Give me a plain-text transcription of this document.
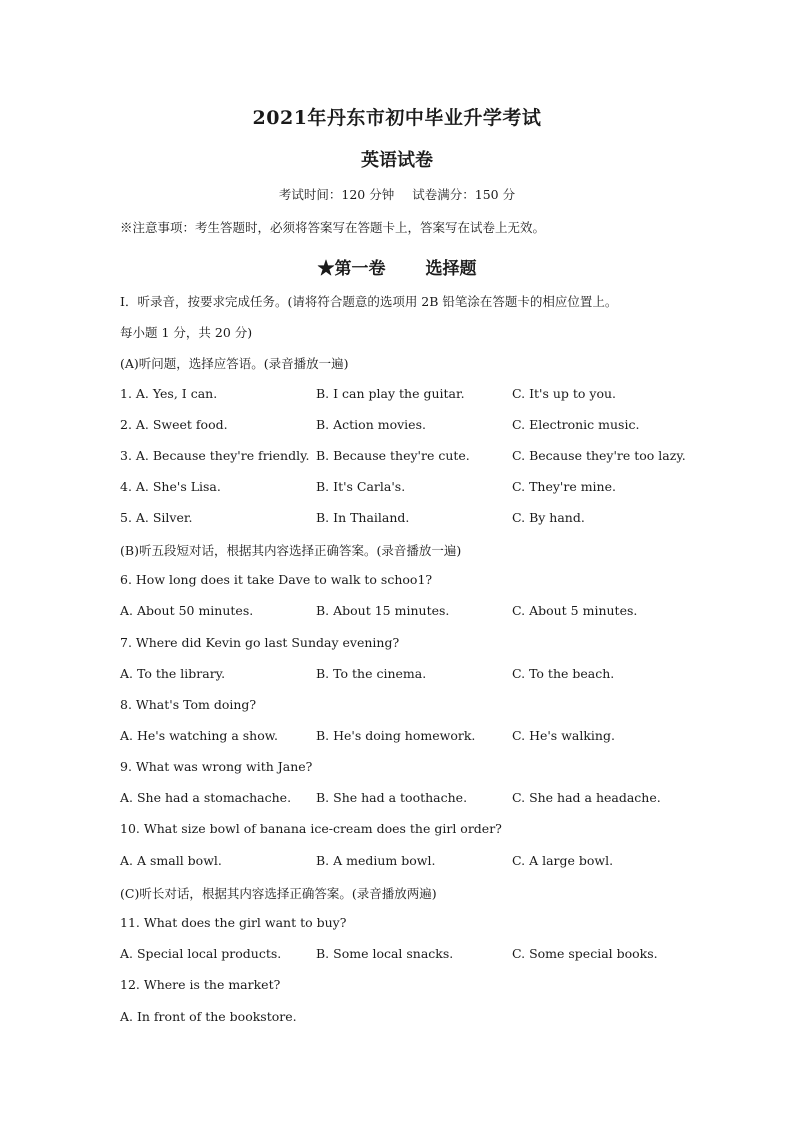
2021年丹东市初中毕业升学考试
英语试卷
考试时间：120 分钟 试卷满分：150 分
※注意事项：考生答题时，必须将答案写在答题卡上，答案写在试卷上无效。
★第一卷 选择题
I．听录音，按要求完成任务。(请将符合题意的选项用 2B 铅笔涂在答题卡的相应位置上。
每小题 1 分，共 20 分)
(A)听问题，选择应答语。(录音播放一遍)
1. A. Yes, I can.	B. I can play the guitar.	C. It's up to you.
2. A. Sweet food.	B. Action movies.	C. Electronic music.
3. A. Because they're friendly. B. Because they're cute.	C. Because they're too lazy.
4. A. She's Lisa.	B. It's Carla's.	C. They're mine.
5. A. Silver.	B. In Thailand.	C. By hand.
(B)听五段短对话，根据其内容选择正确答案。(录音播放一遍)
6. How long does it take Dave to walk to schoo1?
A. About 50 minutes.	B. About 15 minutes.	C. About 5 minutes.
7. Where did Kevin go last Sunday evening?
A. To the library.	B. To the cinema.	C. To the beach.
8. What's Tom doing?
A. He's watching a show.	B. He's doing homework.	C. He's walking.
9. What was wrong with Jane?
A. She had a stomachache. B. She had a toothache.	C. She had a headache.
10. What size bowl of banana ice-cream does the girl order?
A. A small bowl.	B. A medium bowl.	C. A large bowl.
(C)听长对话，根据其内容选择正确答案。(录音播放两遍)
11. What does the girl want to buy?
A. Special local products.	B. Some local snacks.	C. Some special books.
12. Where is the market?
A. In front of the bookstore.
